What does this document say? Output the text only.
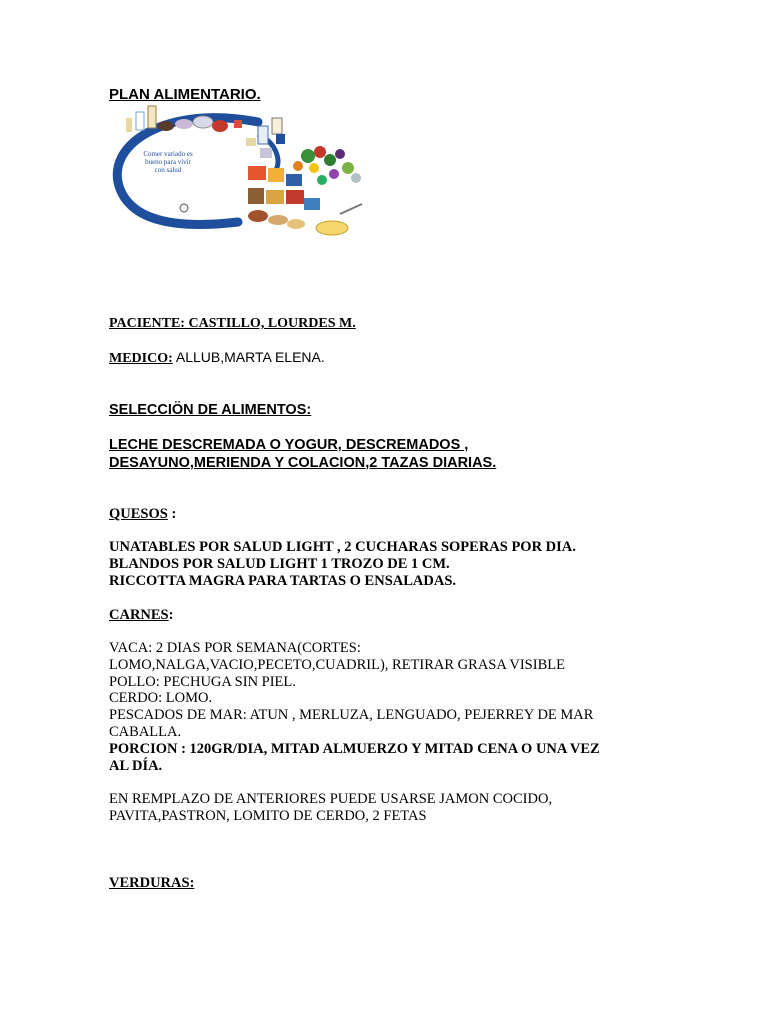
PLAN ALIMENTARIO.
Comer variado es
bueno para vivir
con salud
PACIENTE: CASTILLO, LOURDES M.
MEDICO: ALLUB,MARTA ELENA.
SELECCIÖN DE ALIMENTOS:
LECHE DESCREMADA O YOGUR, DESCREMADOS ,
DESAYUNO,MERIENDA Y COLACION,2 TAZAS DIARIAS.
QUESOS :
UNATABLES POR SALUD LIGHT , 2 CUCHARAS SOPERAS POR DIA.
BLANDOS POR SALUD LIGHT 1 TROZO DE 1 CM.
RICCOTTA MAGRA PARA TARTAS O ENSALADAS.
CARNES:
VACA: 2 DIAS POR SEMANA(CORTES:
LOMO,NALGA,VACIO,PECETO,CUADRIL), RETIRAR GRASA VISIBLE
POLLO: PECHUGA SIN PIEL.
CERDO: LOMO.
PESCADOS DE MAR: ATUN , MERLUZA, LENGUADO, PEJERREY DE MAR
CABALLA.
PORCION : 120GR/DIA, MITAD ALMUERZO Y MITAD CENA O UNA VEZ
AL DÍA.
EN REMPLAZO DE ANTERIORES PUEDE USARSE JAMON COCIDO,
PAVITA,PASTRON, LOMITO DE CERDO, 2 FETAS
VERDURAS:
